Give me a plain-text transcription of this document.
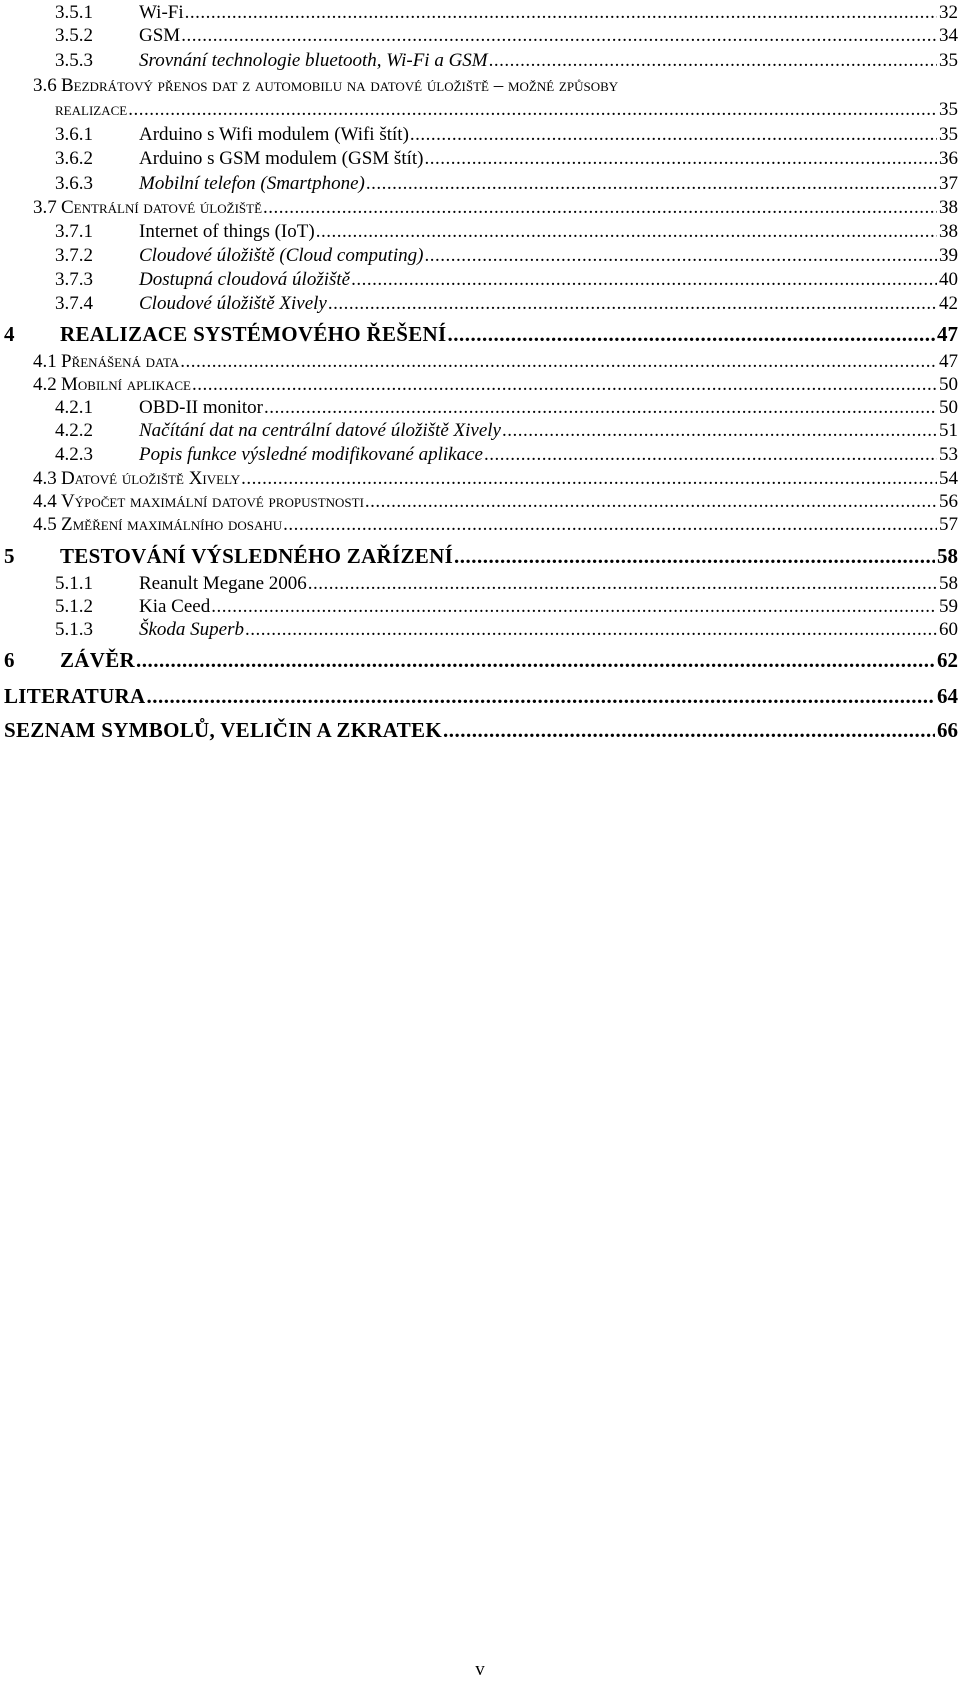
3.5.1	Wi-Fi .....	32
3.5.2	GSM .....	34
3.5.3	Srovnání technologie bluetooth, Wi-Fi a GSM .....	35
3.6 Bezdrátový přenos dat z automobilu na datové úložiště – možné způsoby
realizace .....	35
3.6.1	Arduino s Wifi modulem (Wifi štít) .....	35
3.6.2	Arduino s GSM modulem (GSM štít) .....	36
3.6.3	Mobilní telefon (Smartphone) .....	37
3.7 Centrální datové úložiště .....	38
3.7.1	Internet of things (IoT) .....	38
3.7.2	Cloudové úložiště (Cloud computing) .....	39
3.7.3	Dostupná cloudová úložiště .....	40
3.7.4	Cloudové úložiště Xively .....	42
4	REALIZACE SYSTÉMOVÉHO ŘEŠENÍ .....	47
4.1 Přenášená data .....	47
4.2 Mobilní aplikace .....	50
4.2.1	OBD-II monitor .....	50
4.2.2	Načítání dat na centrální datové úložiště Xively .....	51
4.2.3	Popis funkce výsledné modifikované aplikace .....	53
4.3 Datové úložiště Xively .....	54
4.4 Výpočet maximální datové propustnosti .....	56
4.5 Změření maximálního dosahu .....	57
5	TESTOVÁNÍ VÝSLEDNÉHO ZAŘÍZENÍ .....	58
5.1.1	Reanult Megane 2006 .....	58
5.1.2	Kia Ceed .....	59
5.1.3	Škoda Superb .....	60
6	ZÁVĚR .....	62
LITERATURA .....	64
SEZNAM SYMBOLŮ, VELIČIN A ZKRATEK .....	66
v
